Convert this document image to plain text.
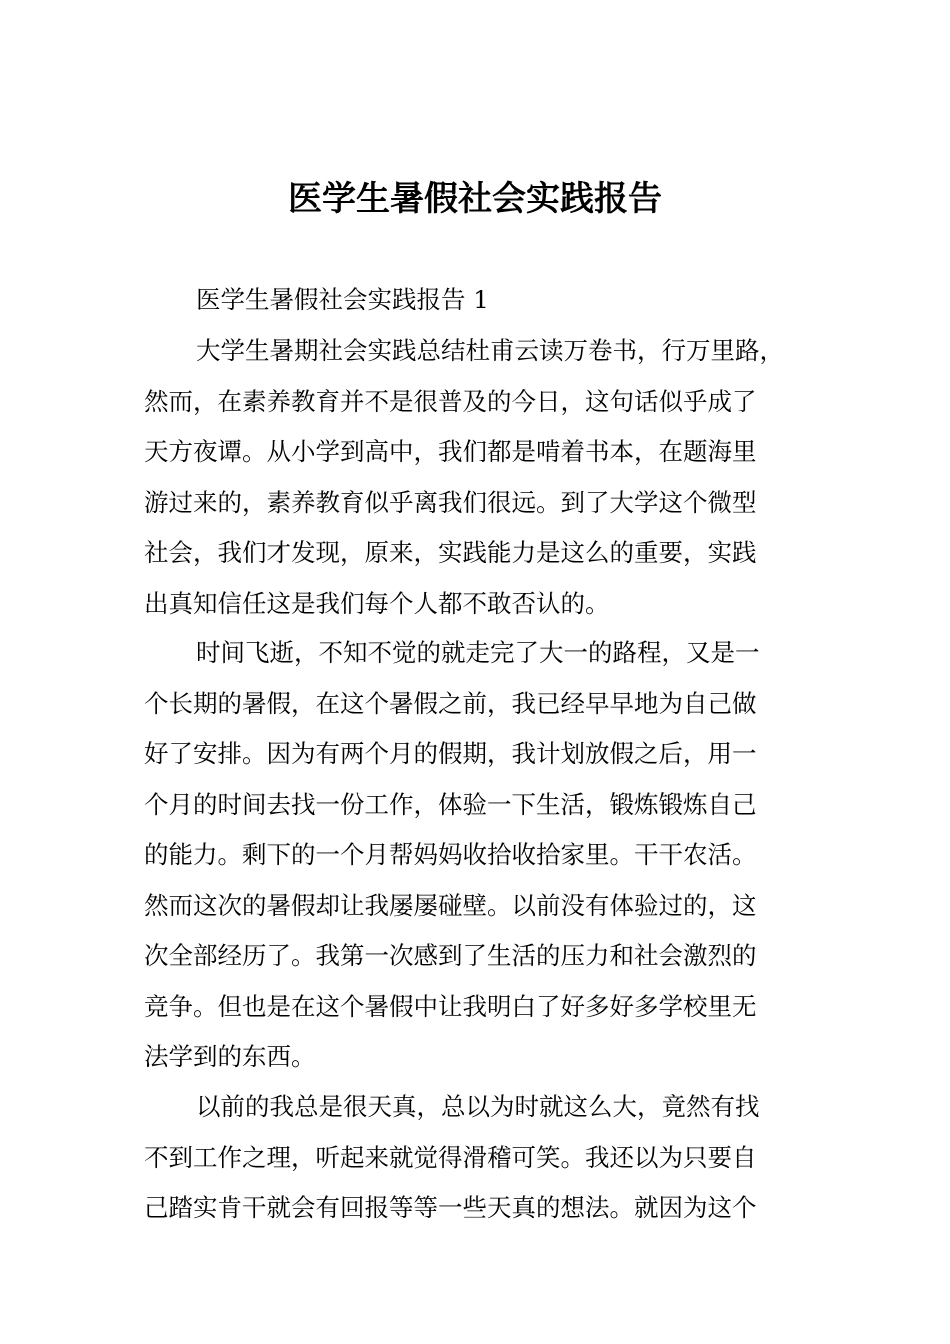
医学生暑假社会实践报告
医学生暑假社会实践报告 1
大学生暑期社会实践总结杜甫云读万卷书，行万里路，
然而，在素养教育并不是很普及的今日，这句话似乎成了
天方夜谭。从小学到高中，我们都是啃着书本，在题海里
游过来的，素养教育似乎离我们很远。到了大学这个微型
社会，我们才发现，原来，实践能力是这么的重要，实践
出真知信任这是我们每个人都不敢否认的。
时间飞逝，不知不觉的就走完了大一的路程，又是一
个长期的暑假，在这个暑假之前，我已经早早地为自己做
好了安排。因为有两个月的假期，我计划放假之后，用一
个月的时间去找一份工作，体验一下生活，锻炼锻炼自己
的能力。剩下的一个月帮妈妈收拾收拾家里。干干农活。
然而这次的暑假却让我屡屡碰壁。以前没有体验过的，这
次全部经历了。我第一次感到了生活的压力和社会激烈的
竞争。但也是在这个暑假中让我明白了好多好多学校里无
法学到的东西。
以前的我总是很天真，总以为时就这么大，竟然有找
不到工作之理，听起来就觉得滑稽可笑。我还以为只要自
己踏实肯干就会有回报等等一些天真的想法。就因为这个
